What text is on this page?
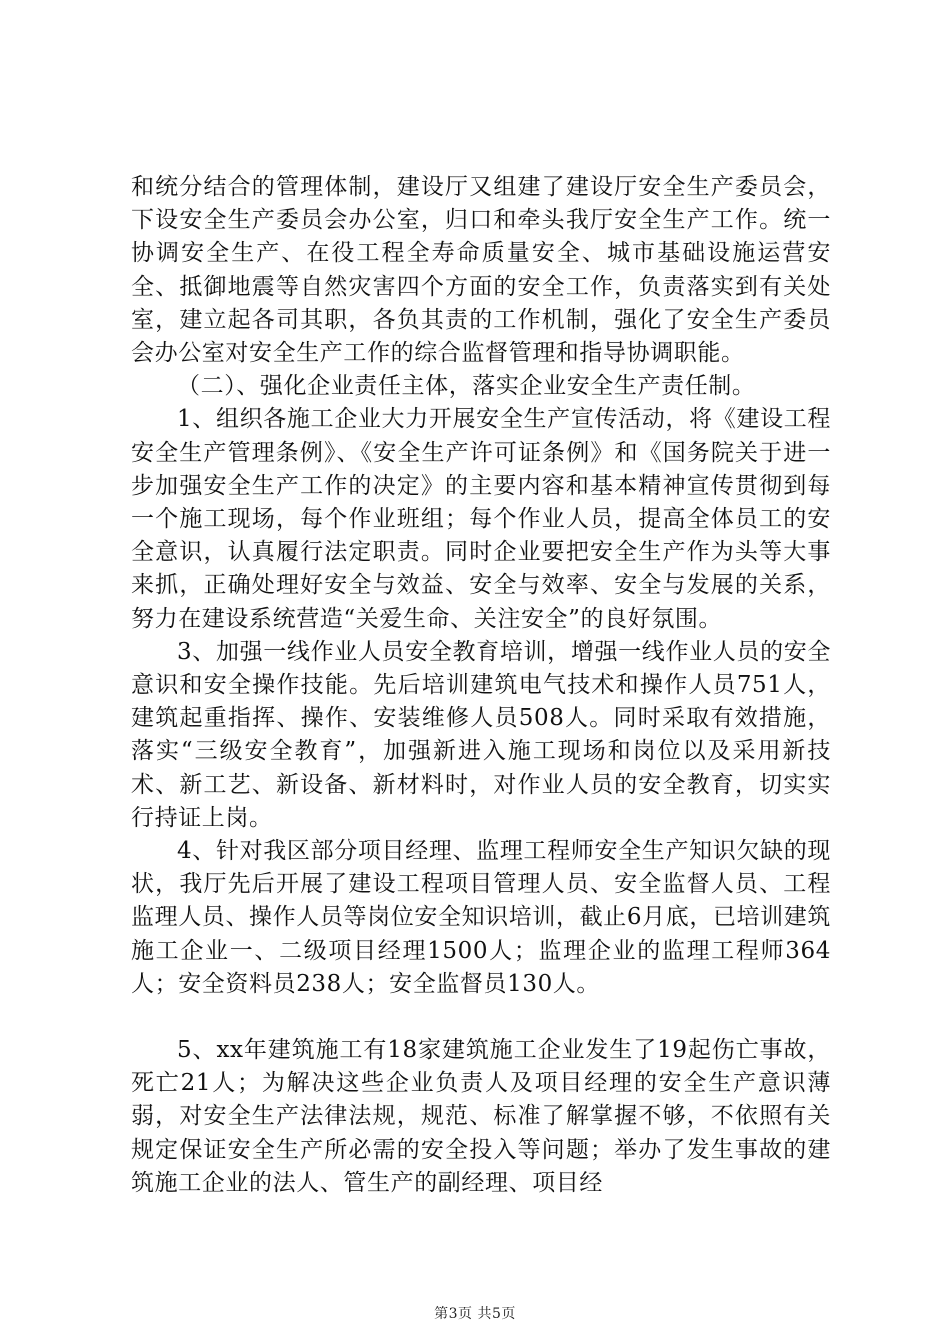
和统分结合的管理体制，建设厅又组建了建设厅安全生产委员会，下设安全生产委员会办公室，归口和牵头我厅安全生产工作。统一协调安全生产、在役工程全寿命质量安全、城市基础设施运营安全、抵御地震等自然灾害四个方面的安全工作，负责落实到有关处室，建立起各司其职，各负其责的工作机制，强化了安全生产委员会办公室对安全生产工作的综合监督管理和指导协调职能。

（二）、强化企业责任主体，落实企业安全生产责任制。

1、组织各施工企业大力开展安全生产宣传活动，将《建设工程安全生产管理条例》、《安全生产许可证条例》和《国务院关于进一步加强安全生产工作的决定》的主要内容和基本精神宣传贯彻到每一个施工现场，每个作业班组；每个作业人员，提高全体员工的安全意识，认真履行法定职责。同时企业要把安全生产作为头等大事来抓，正确处理好安全与效益、安全与效率、安全与发展的关系，努力在建设系统营造“关爱生命、关注安全”的良好氛围。

3、加强一线作业人员安全教育培训，增强一线作业人员的安全意识和安全操作技能。先后培训建筑电气技术和操作人员751人，建筑起重指挥、操作、安装维修人员508人。同时采取有效措施，落实“三级安全教育”，加强新进入施工现场和岗位以及采用新技术、新工艺、新设备、新材料时，对作业人员的安全教育，切实实行持证上岗。

4、针对我区部分项目经理、监理工程师安全生产知识欠缺的现状，我厅先后开展了建设工程项目管理人员、安全监督人员、工程监理人员、操作人员等岗位安全知识培训，截止6月底，已培训建筑施工企业一、二级项目经理1500人；监理企业的监理工程师364人；安全资料员238人；安全监督员130人。

5、xx年建筑施工有18家建筑施工企业发生了19起伤亡事故，死亡21人；为解决这些企业负责人及项目经理的安全生产意识薄弱，对安全生产法律法规，规范、标准了解掌握不够，不依照有关规定保证安全生产所必需的安全投入等问题；举办了发生事故的建筑施工企业的法人、管生产的副经理、项目经

第3页 共5页
